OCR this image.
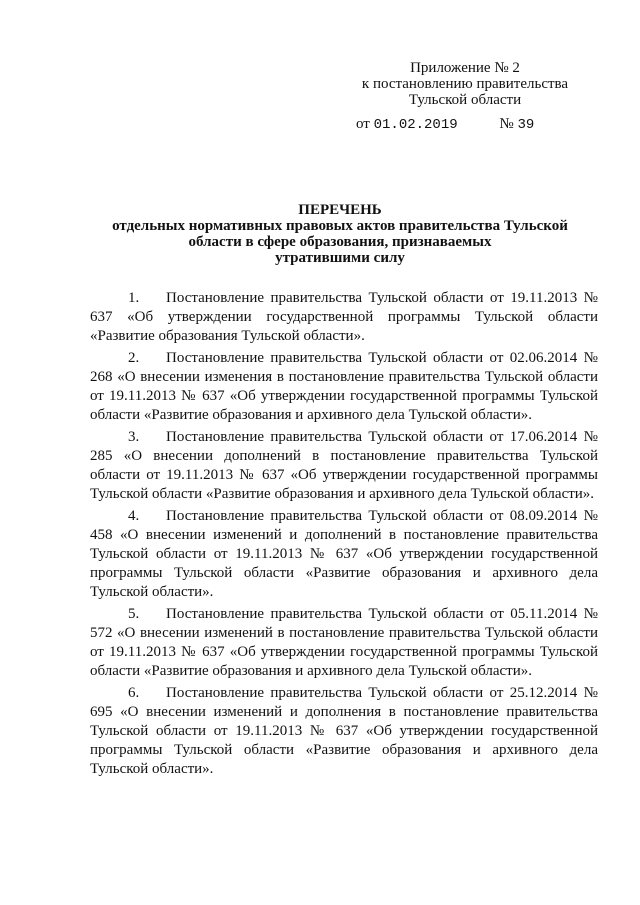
Приложение № 2
к постановлению правительства
Тульской области
от 01.02.2019	№ 39
ПЕРЕЧЕНЬ
отдельных нормативных правовых актов правительства Тульской
области в сфере образования, признаваемых
утратившими силу

1. Постановление правительства Тульской области от 19.11.2013 № 637 «Об утверждении государственной программы Тульской области «Развитие образования Тульской области».

2. Постановление правительства Тульской области от 02.06.2014 № 268 «О внесении изменения в постановление правительства Тульской области от 19.11.2013 № 637 «Об утверждении государственной программы Тульской области «Развитие образования и архивного дела Тульской области».

3. Постановление правительства Тульской области от 17.06.2014 № 285 «О внесении дополнений в постановление правительства Тульской области от 19.11.2013 № 637 «Об утверждении государственной программы Тульской области «Развитие образования и архивного дела Тульской области».

4. Постановление правительства Тульской области от 08.09.2014 № 458 «О внесении изменений и дополнений в постановление правительства Тульской области от 19.11.2013 № 637 «Об утверждении государственной программы Тульской области «Развитие образования и архивного дела Тульской области».

5. Постановление правительства Тульской области от 05.11.2014 № 572 «О внесении изменений в постановление правительства Тульской области от 19.11.2013 № 637 «Об утверждении государственной программы Тульской области «Развитие образования и архивного дела Тульской области».

6. Постановление правительства Тульской области от 25.12.2014 № 695 «О внесении изменений и дополнения в постановление правительства Тульской области от 19.11.2013 № 637 «Об утверждении государственной программы Тульской области «Развитие образования и архивного дела Тульской области».
